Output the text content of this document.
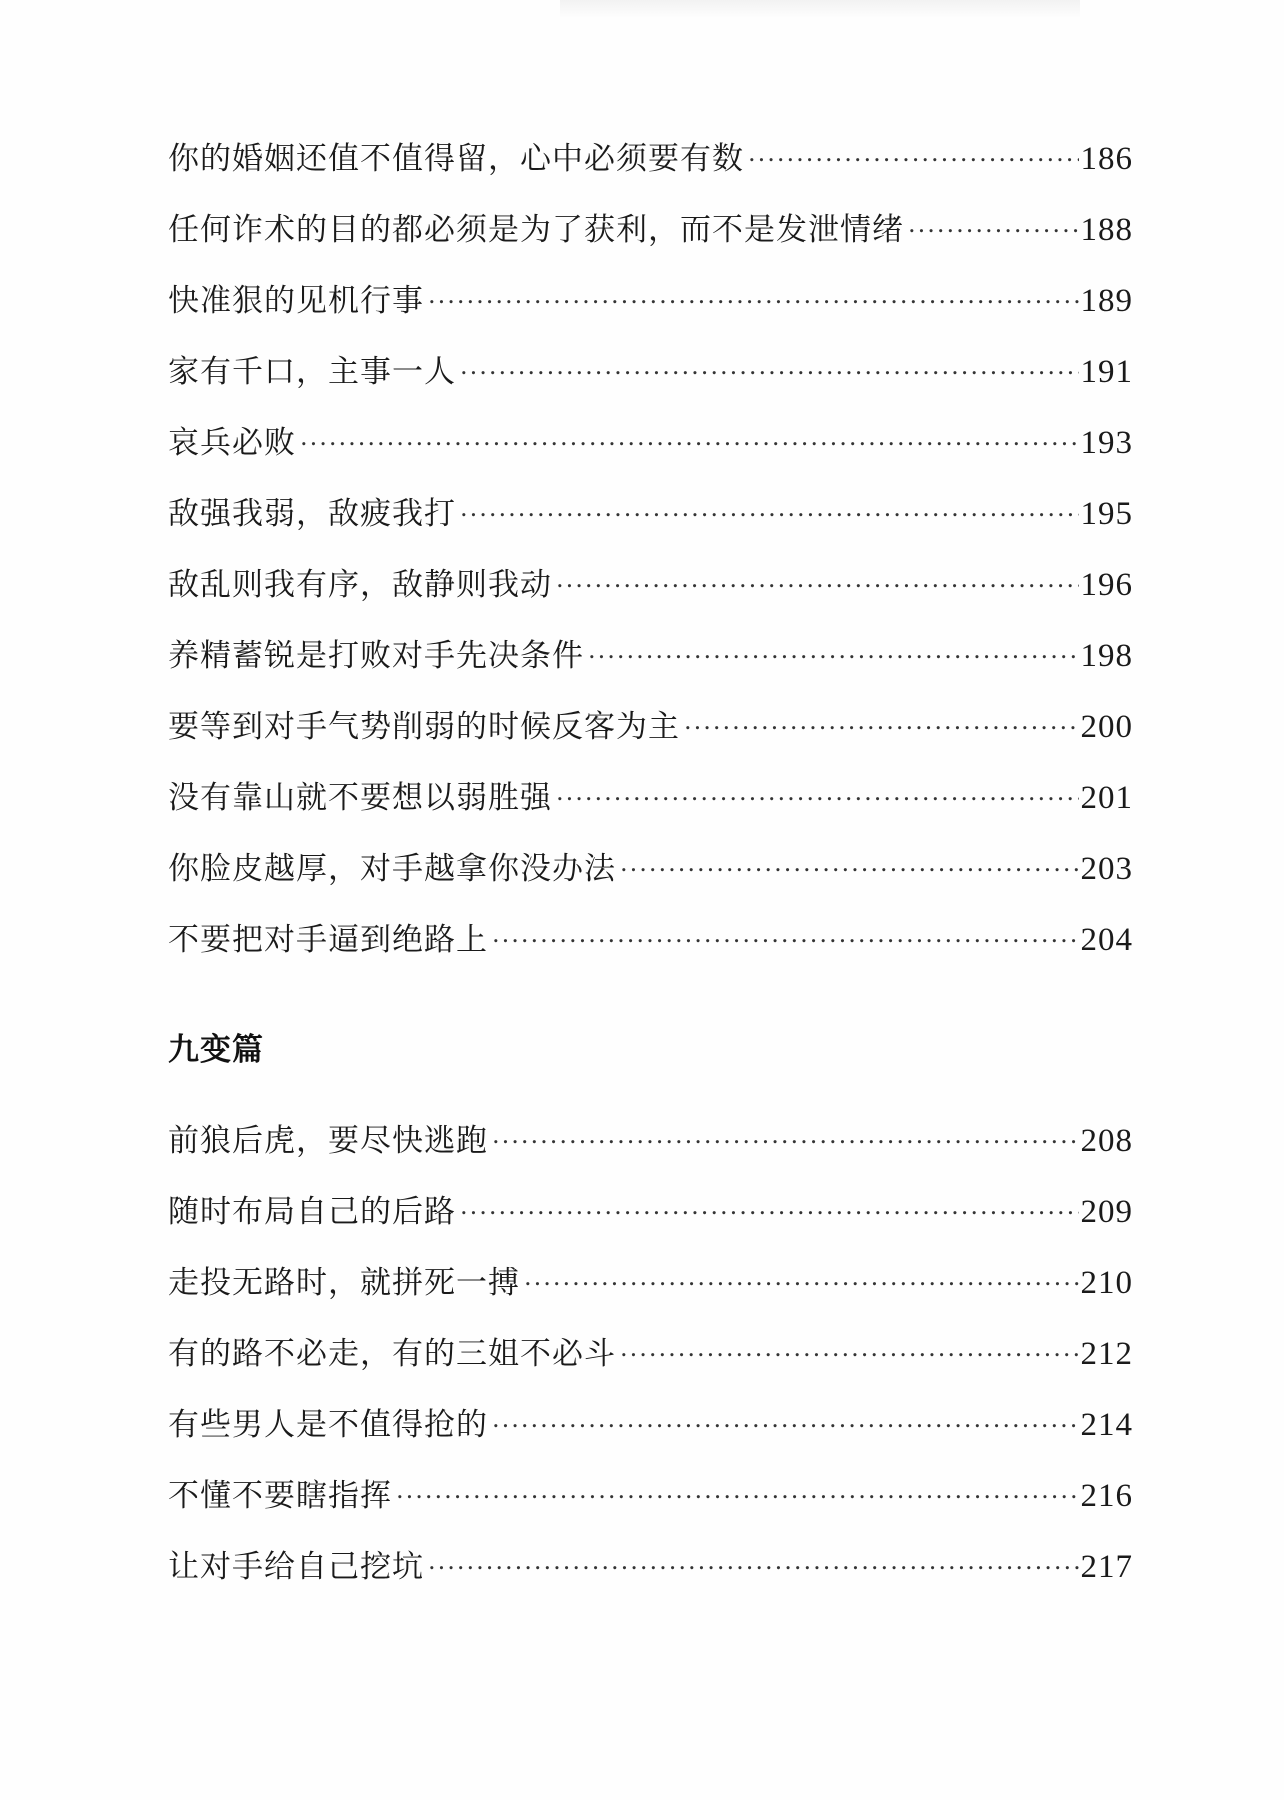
你的婚姻还值不值得留，心中必须要有数 .....	186
任何诈术的目的都必须是为了获利，而不是发泄情绪 .....	188
快准狠的见机行事 .....	189
家有千口，主事一人 .....	191
哀兵必败 .....	193
敌强我弱，敌疲我打 .....	195
敌乱则我有序，敌静则我动 .....	196
养精蓄锐是打败对手先决条件 .....	198
要等到对手气势削弱的时候反客为主 .....	200
没有靠山就不要想以弱胜强 .....	201
你脸皮越厚，对手越拿你没办法 .....	203
不要把对手逼到绝路上 .....	204
九变篇
前狼后虎，要尽快逃跑 .....	208
随时布局自己的后路 .....	209
走投无路时，就拼死一搏 .....	210
有的路不必走，有的三姐不必斗 .....	212
有些男人是不值得抢的 .....	214
不懂不要瞎指挥 .....	216
让对手给自己挖坑 .....	217
